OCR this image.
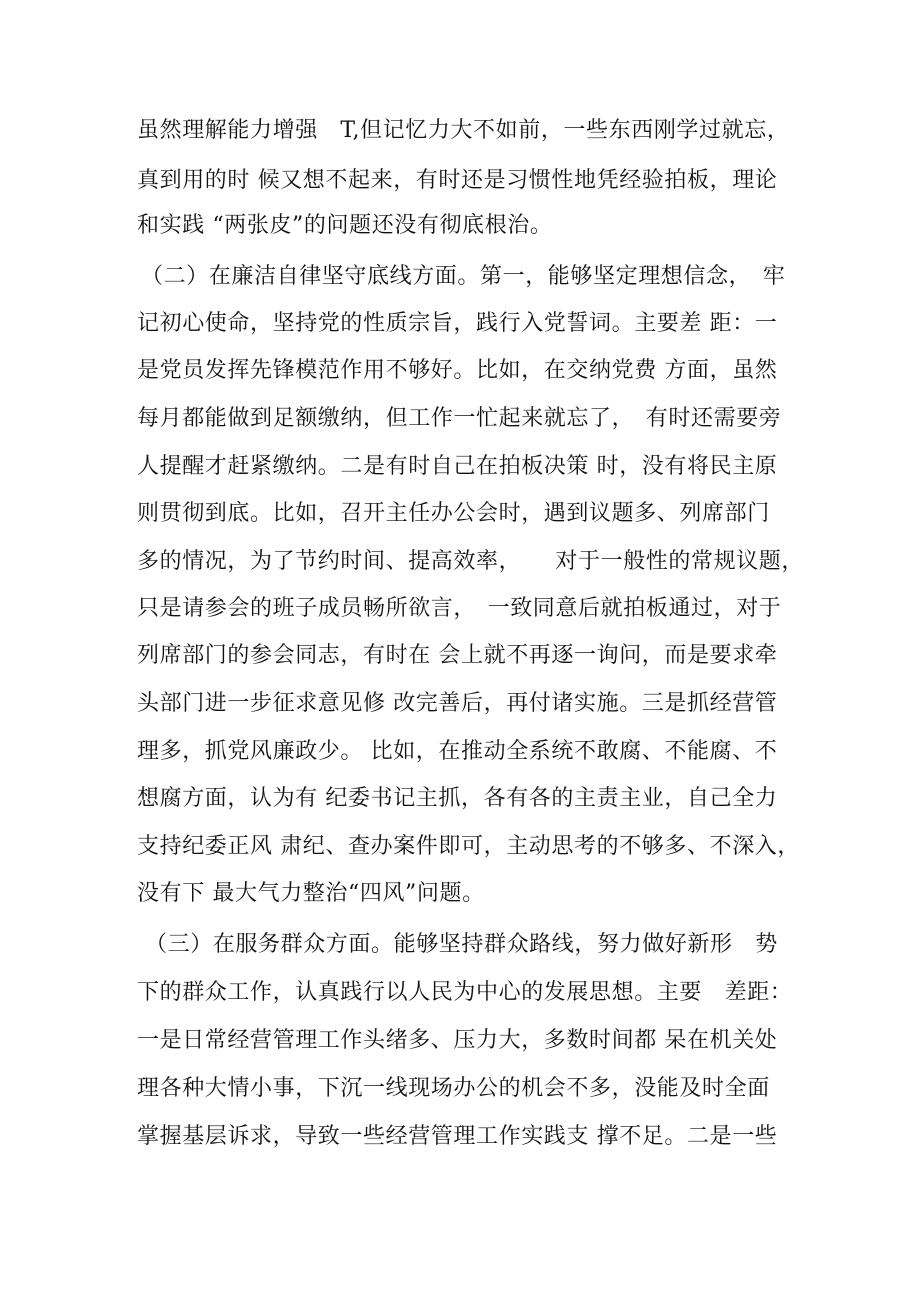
虽然理解能力增强　T,但记忆力大不如前，一些东西刚学过就忘，

真到用的时 候又想不起来，有时还是习惯性地凭经验拍板，理论

和实践 “两张皮”的问题还没有彻底根治。

（二）在廉洁自律坚守底线方面。第一，能够坚定理想信念，　牢

记初心使命，坚持党的性质宗旨，践行入党誓词。主要差 距：一

是党员发挥先锋模范作用不够好。比如，在交纳党费 方面，虽然

每月都能做到足额缴纳，但工作一忙起来就忘了，　有时还需要旁

人提醒才赶紧缴纳。二是有时自己在拍板决策 时，没有将民主原

则贯彻到底。比如，召开主任办公会时，遇到议题多、列席部门

多的情况，为了节约时间、提高效率，　　对于一般性的常规议题，

只是请参会的班子成员畅所欲言，　一致同意后就拍板通过，对于

列席部门的参会同志，有时在 会上就不再逐一询问，而是要求牵

头部门进一步征求意见修 改完善后，再付诸实施。三是抓经营管

理多，抓党风廉政少。 比如，在推动全系统不敢腐、不能腐、不

想腐方面，认为有 纪委书记主抓，各有各的主责主业，自己全力

支持纪委正风 肃纪、查办案件即可，主动思考的不够多、不深入，

没有下 最大气力整治“四风”问题。

（三）在服务群众方面。能够坚持群众路线，努力做好新形　势

下的群众工作，认真践行以人民为中心的发展思想。主要　差距：

一是日常经营管理工作头绪多、压力大，多数时间都 呆在机关处

理各种大情小事，下沉一线现场办公的机会不多，没能及时全面

掌握基层诉求，导致一些经营管理工作实践支 撑不足。二是一些
